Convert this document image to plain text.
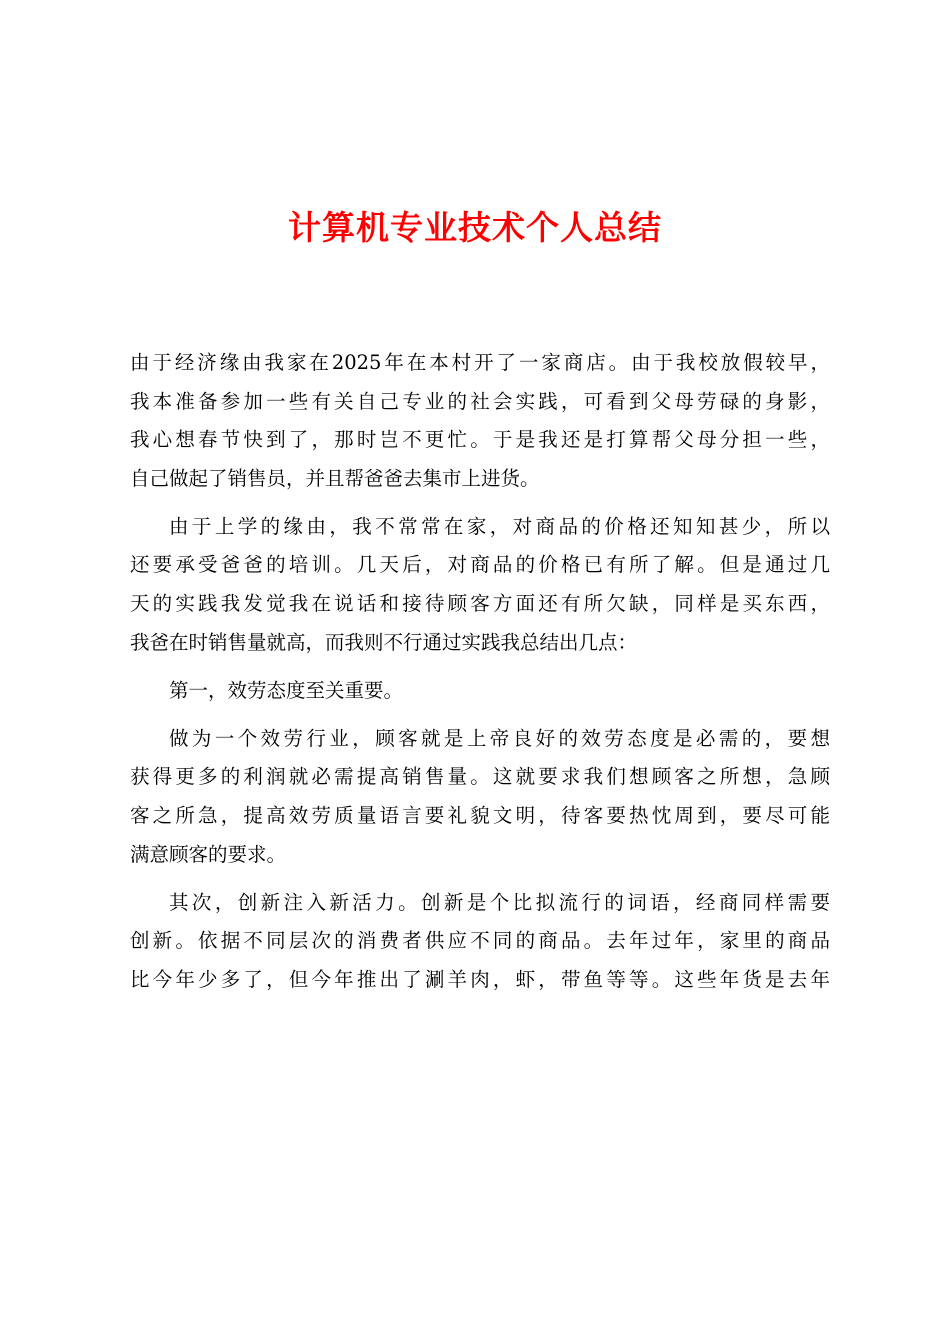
计算机专业技术个人总结
由于经济缘由我家在2025年在本村开了一家商店。由于我校放假较早，
我本准备参加一些有关自己专业的社会实践，可看到父母劳碌的身影，
我心想春节快到了，那时岂不更忙。于是我还是打算帮父母分担一些，
自己做起了销售员，并且帮爸爸去集市上进货。
由于上学的缘由，我不常常在家，对商品的价格还知知甚少，所以
还要承受爸爸的培训。几天后，对商品的价格已有所了解。但是通过几
天的实践我发觉我在说话和接待顾客方面还有所欠缺，同样是买东西，
我爸在时销售量就高，而我则不行通过实践我总结出几点：
第一，效劳态度至关重要。
做为一个效劳行业，顾客就是上帝良好的效劳态度是必需的，要想
获得更多的利润就必需提高销售量。这就要求我们想顾客之所想，急顾
客之所急，提高效劳质量语言要礼貌文明，待客要热忱周到，要尽可能
满意顾客的要求。
其次，创新注入新活力。创新是个比拟流行的词语，经商同样需要
创新。依据不同层次的消费者供应不同的商品。去年过年，家里的商品
比今年少多了，但今年推出了涮羊肉，虾，带鱼等等。这些年货是去年
